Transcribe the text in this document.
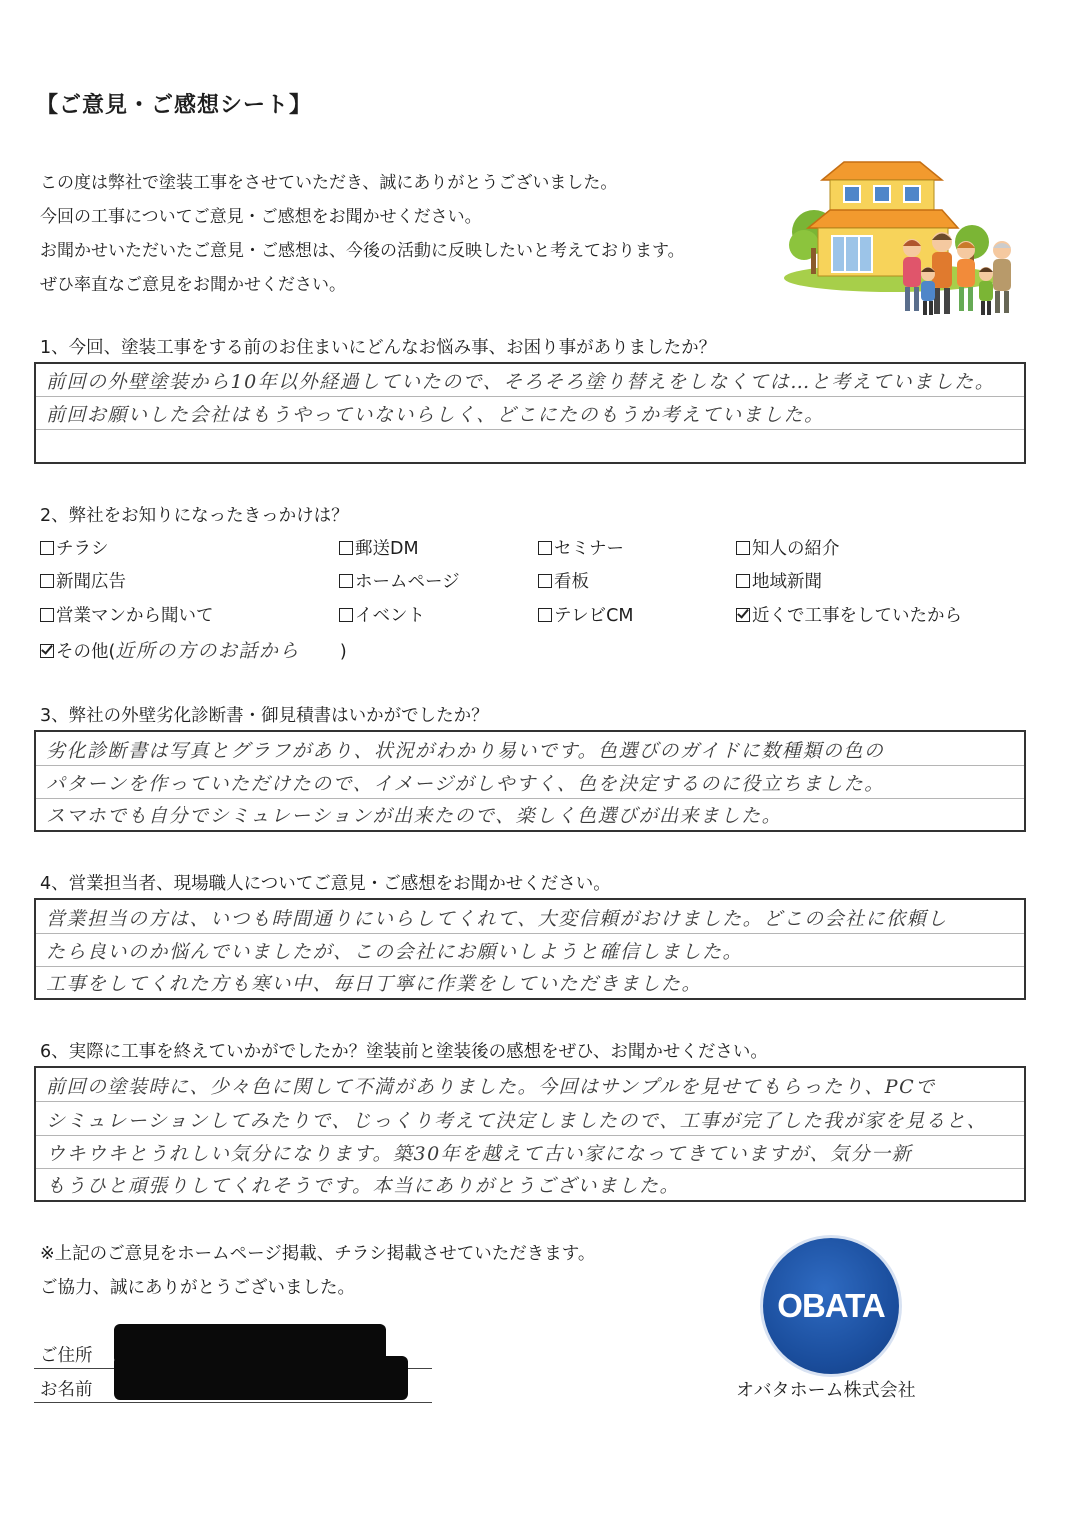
【ご意見・ご感想シート】
この度は弊社で塗装工事をさせていただき、誠にありがとうございました。
今回の工事についてご意見・ご感想をお聞かせください。
お聞かせいただいたご意見・ご感想は、今後の活動に反映したいと考えております。
ぜひ率直なご意見をお聞かせください。
1、今回、塗装工事をする前のお住まいにどんなお悩み事、お困り事がありましたか？
前回の外壁塗装から10年以外経過していたので、そろそろ塗り替えをしなくては…と考えていました。
前回お願いした会社はもうやっていないらしく、どこにたのもうか考えていました。
2、弊社をお知りになったきっかけは？
チラシ	郵送DM	セミナー	知人の紹介
新聞広告	ホームページ	看板	地域新聞
営業マンから聞いて	イベント	テレビCM	近くで工事をしていたから
その他(近所の方のお話から )
3、弊社の外壁劣化診断書・御見積書はいかがでしたか？
劣化診断書は写真とグラフがあり、状況がわかり易いです。色選びのガイドに数種類の色の
パターンを作っていただけたので、イメージがしやすく、色を決定するのに役立ちました。
スマホでも自分でシミュレーションが出来たので、楽しく色選びが出来ました。
4、営業担当者、現場職人についてご意見・ご感想をお聞かせください。
営業担当の方は、いつも時間通りにいらしてくれて、大変信頼がおけました。どこの会社に依頼し
たら良いのか悩んでいましたが、この会社にお願いしようと確信しました。
工事をしてくれた方も寒い中、毎日丁寧に作業をしていただきました。
6、実際に工事を終えていかがでしたか？塗装前と塗装後の感想をぜひ、お聞かせください。
前回の塗装時に、少々色に関して不満がありました。今回はサンプルを見せてもらったり、PCで
シミュレーションしてみたりで、じっくり考えて決定しましたので、工事が完了した我が家を見ると、
ウキウキとうれしい気分になります。築30年を越えて古い家になってきていますが、気分一新
もうひと頑張りしてくれそうです。本当にありがとうございました。
※上記のご意見をホームページ掲載、チラシ掲載させていただきます。
ご協力、誠にありがとうございました。
ご住所
お名前
OBATA
オバタホーム株式会社
